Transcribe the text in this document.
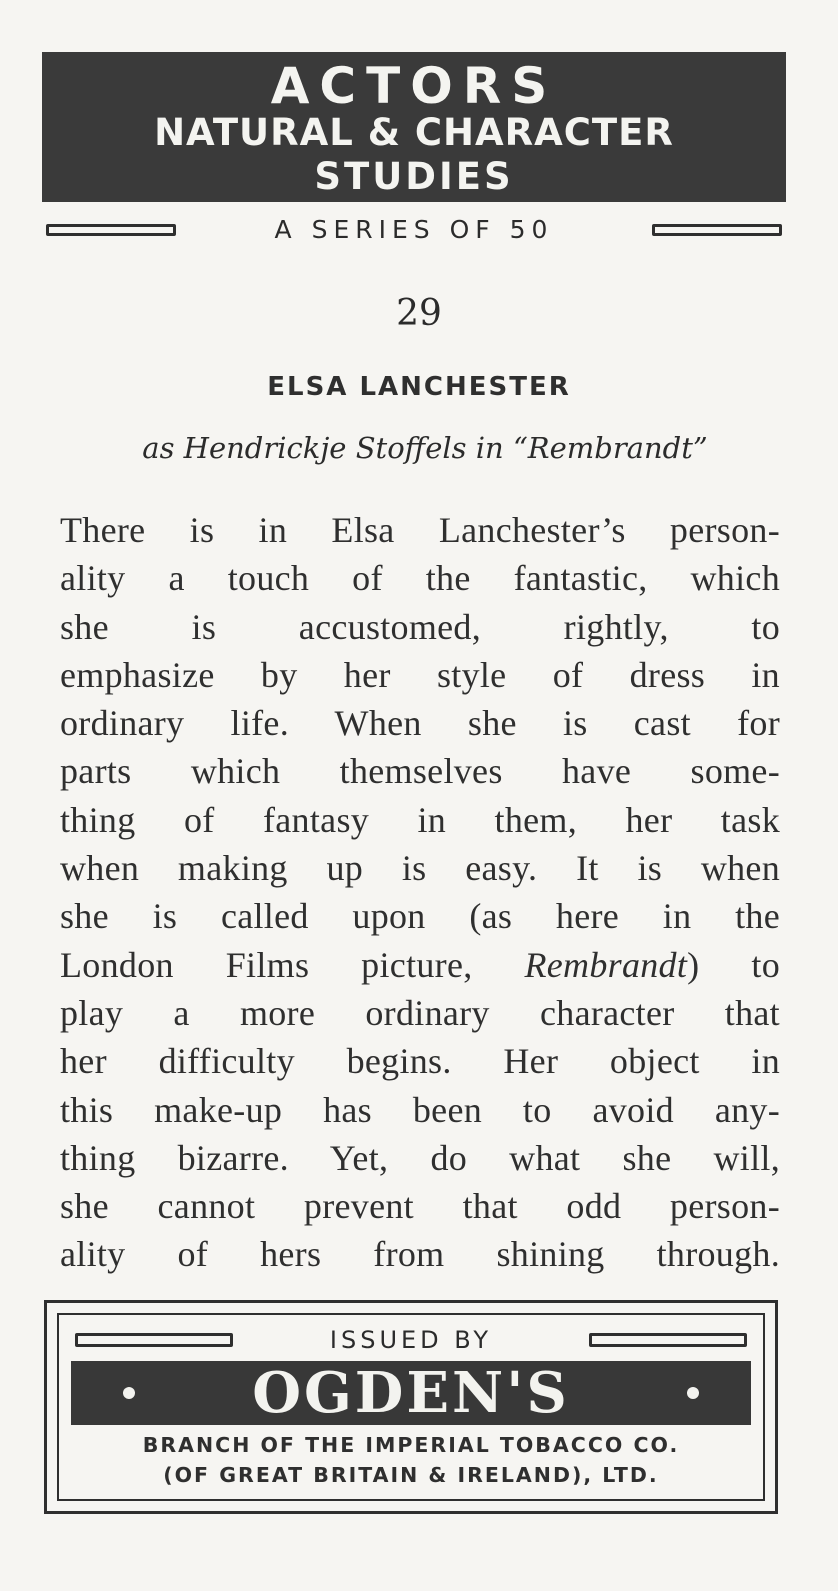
ACTORS
NATURAL & CHARACTER
STUDIES
A SERIES OF 50
29
ELSA LANCHESTER
as Hendrickje Stoffels in “Rembrandt”
There is in Elsa Lanchester’s person-
ality a touch of the fantastic, which
she is accustomed, rightly, to
emphasize by her style of dress in
ordinary life. When she is cast for
parts which themselves have some-
thing of fantasy in them, her task
when making up is easy. It is when
she is called upon (as here in the
London Films picture, Rembrandt) to
play a more ordinary character that
her difficulty begins. Her object in
this make-up has been to avoid any-
thing bizarre. Yet, do what she will,
she cannot prevent that odd person-
ality of hers from shining through.
ISSUED BY
OGDEN'S
BRANCH OF THE IMPERIAL TOBACCO CO.
(OF GREAT BRITAIN & IRELAND), LTD.
